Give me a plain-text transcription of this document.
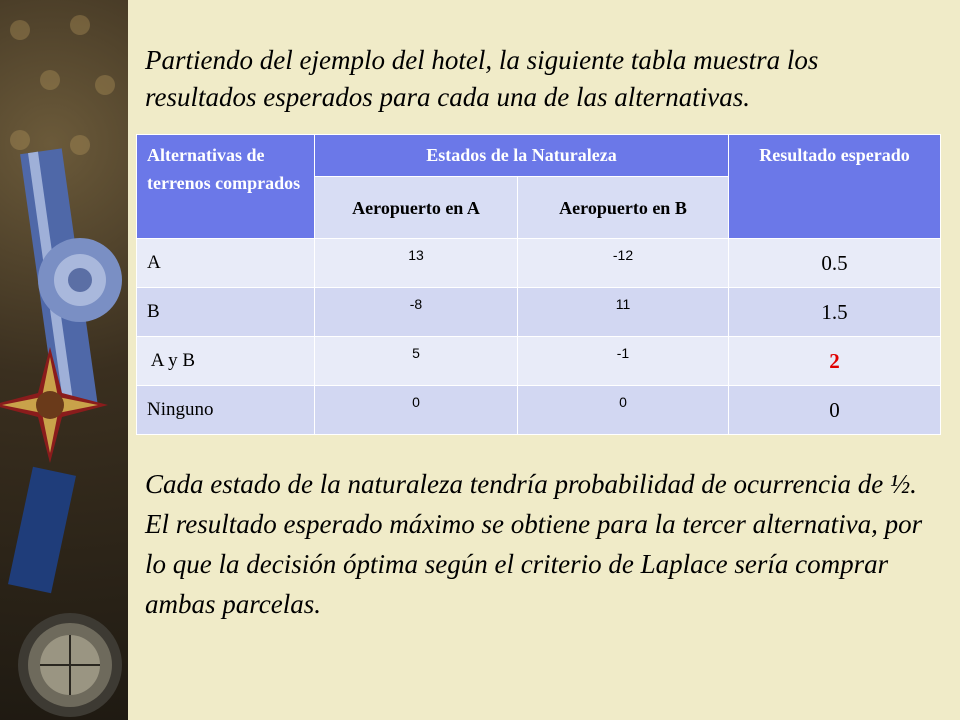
Partiendo del ejemplo del hotel, la siguiente tabla muestra los resultados esperados para cada una de las alternativas.

Alternativas de terrenos comprados	Estados de la Naturaleza		Resultado esperado
	Aeropuerto en A	Aeropuerto en B	
A	13	-12	0.5
B	-8	11	1.5
A y B	5	-1	2
Ninguno	0	0	0

Cada estado de la naturaleza tendría probabilidad de ocurrencia de ½. El resultado esperado máximo se obtiene para la tercer alternativa, por lo que la decisión óptima según el criterio de Laplace sería comprar ambas parcelas.
